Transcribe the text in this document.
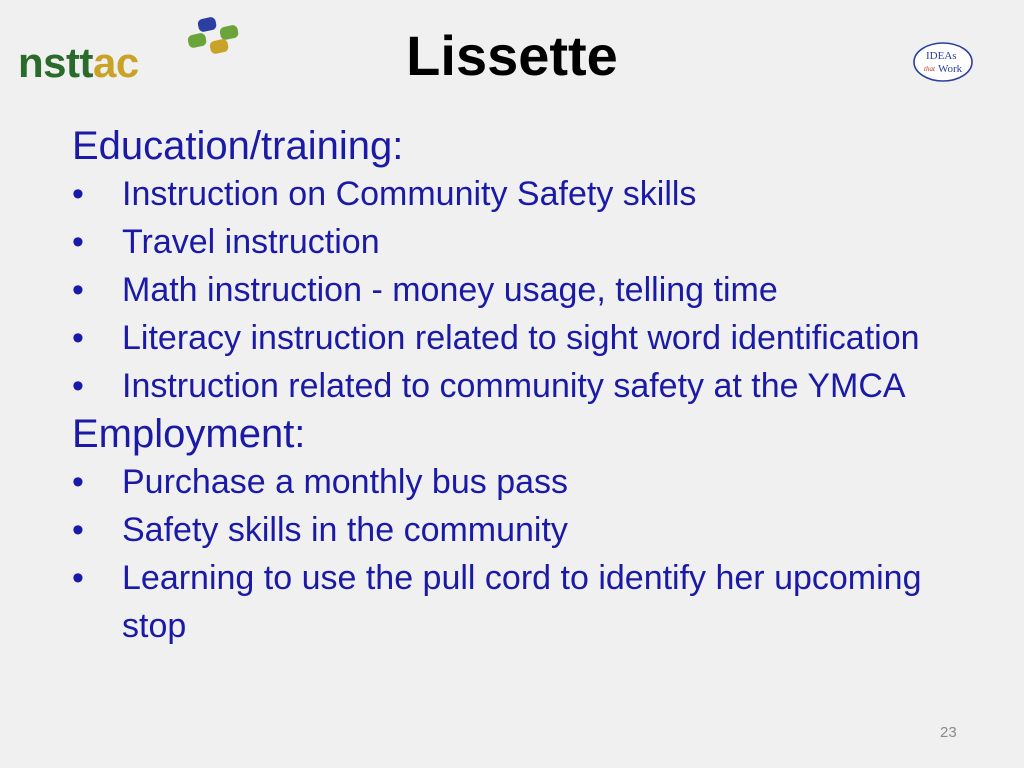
nsttac	Lissette	IDEAs
that Work

Education/training:

• Instruction on Community Safety skills
• Travel instruction
• Math instruction - money usage, telling time
• Literacy instruction related to sight word identification
• Instruction related to community safety at the YMCA

Employment:

• Purchase a monthly bus pass
• Safety skills in the community
• Learning to use the pull cord to identify her upcoming stop
23
